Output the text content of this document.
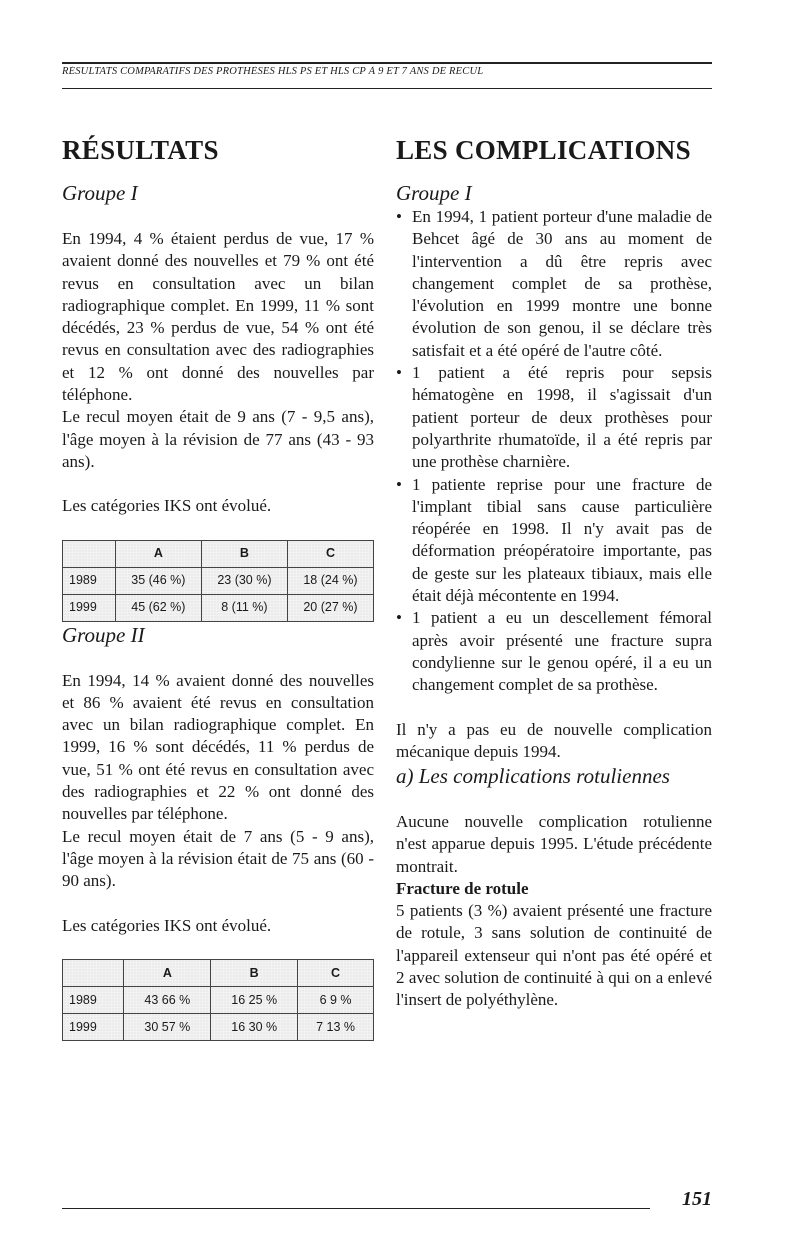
RÉSULTATS COMPARATIFS DES PROTHÈSES HLS PS ET HLS CP À 9 ET 7 ANS DE RECUL
RÉSULTATS
Groupe I

En 1994, 4 % étaient perdus de vue, 17 % avaient donné des nouvelles et 79 % ont été revus en consultation avec un bilan radiographique complet. En 1999, 11 % sont décédés, 23 % perdus de vue, 54 % ont été revus en consultation avec des radiographies et 12 % ont donné des nouvelles par téléphone.

Le recul moyen était de 9 ans (7 - 9,5 ans), l'âge moyen à la révision de 77 ans (43 - 93 ans).

Les catégories IKS ont évolué.

	A	B	C
1989	35 (46 %)	23 (30 %)	18 (24 %)
1999	45 (62 %)	8 (11 %)	20 (27 %)
Groupe II

En 1994, 14 % avaient donné des nouvelles et 86 % avaient été revus en consultation avec un bilan radiographique complet. En 1999, 16 % sont décédés, 11 % perdus de vue, 51 % ont été revus en consultation avec des radiographies et 22 % ont donné des nouvelles par téléphone.

Le recul moyen était de 7 ans (5 - 9 ans), l'âge moyen à la révision était de 75 ans (60 - 90 ans).

Les catégories IKS ont évolué.

	A	B	C
1989	43 66 %	16 25 %	6 9 %
1999	30 57 %	16 30 %	7 13 %
LES COMPLICATIONS
Groupe I
• En 1994, 1 patient porteur d'une maladie de Behcet âgé de 30 ans au moment de l'intervention a dû être repris avec changement complet de sa prothèse, l'évolution en 1999 montre une bonne évolution de son genou, il se déclare très satisfait et a été opéré de l'autre côté.
• 1 patient a été repris pour sepsis hématogène en 1998, il s'agissait d'un patient porteur de deux prothèses pour polyarthrite rhumatoïde, il a été repris par une prothèse charnière.
• 1 patiente reprise pour une fracture de l'implant tibial sans cause particulière réopérée en 1998. Il n'y avait pas de déformation préopératoire importante, pas de geste sur les plateaux tibiaux, mais elle était déjà mécontente en 1994.
• 1 patient a eu un descellement fémoral après avoir présenté une fracture supra condylienne sur le genou opéré, il a eu un changement complet de sa prothèse.

Il n'y a pas eu de nouvelle complication mécanique depuis 1994.

a) Les complications rotuliennes

Aucune nouvelle complication rotulienne n'est apparue depuis 1995. L'étude précédente montrait.

Fracture de rotule

5 patients (3 %) avaient présenté une fracture de rotule, 3 sans solution de continuité de l'appareil extenseur qui n'ont pas été opéré et 2 avec solution de continuité à qui on a enlevé l'insert de polyéthylène.

151
